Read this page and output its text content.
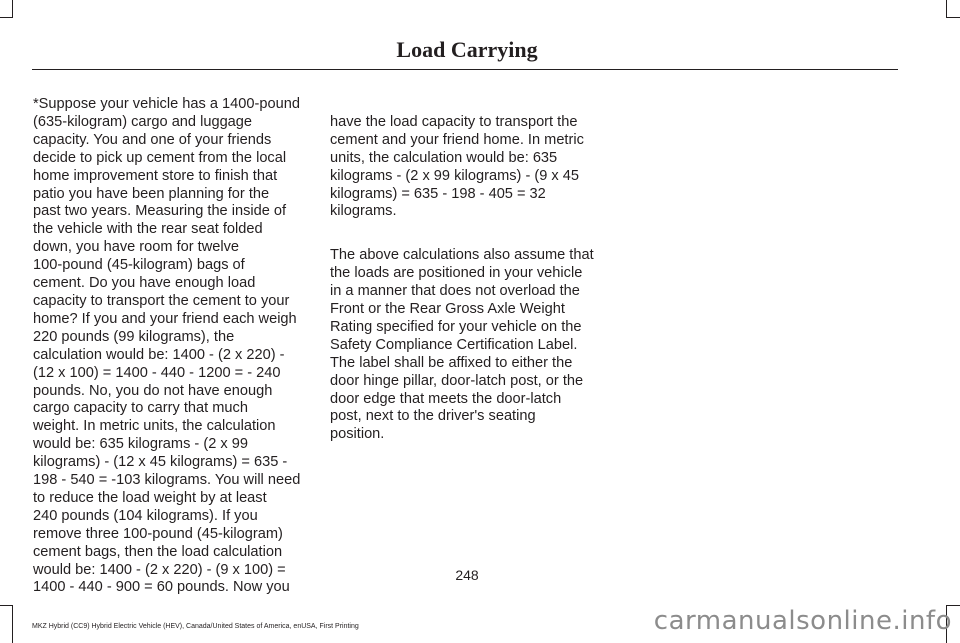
Load Carrying

*Suppose your vehicle has a 1400-pound
(635-kilogram) cargo and luggage
capacity. You and one of your friends
decide to pick up cement from the local
home improvement store to finish that
patio you have been planning for the
past two years. Measuring the inside of
the vehicle with the rear seat folded
down, you have room for twelve
100-pound (45-kilogram) bags of
cement. Do you have enough load
capacity to transport the cement to your
home? If you and your friend each weigh
220 pounds (99 kilograms), the
calculation would be: 1400 - (2 x 220) -
(12 x 100) = 1400 - 440 - 1200 = - 240
pounds. No, you do not have enough
cargo capacity to carry that much
weight. In metric units, the calculation
would be: 635 kilograms - (2 x 99
kilograms) - (12 x 45 kilograms) = 635 -
198 - 540 = -103 kilograms. You will need
to reduce the load weight by at least
240 pounds (104 kilograms). If you
remove three 100-pound (45-kilogram)
cement bags, then the load calculation
would be: 1400 - (2 x 220) - (9 x 100) =
1400 - 440 - 900 = 60 pounds. Now you

have the load capacity to transport the
cement and your friend home. In metric
units, the calculation would be: 635
kilograms - (2 x 99 kilograms) - (9 x 45
kilograms) = 635 - 198 - 405 = 32
kilograms.

The above calculations also assume that
the loads are positioned in your vehicle
in a manner that does not overload the
Front or the Rear Gross Axle Weight
Rating specified for your vehicle on the
Safety Compliance Certification Label.
The label shall be affixed to either the
door hinge pillar, door-latch post, or the
door edge that meets the door-latch
post, next to the driver's seating
position.

248
MKZ Hybrid (CC9) Hybrid Electric Vehicle (HEV), Canada/United States of America, enUSA, First Printing	carmanualsonline.info
